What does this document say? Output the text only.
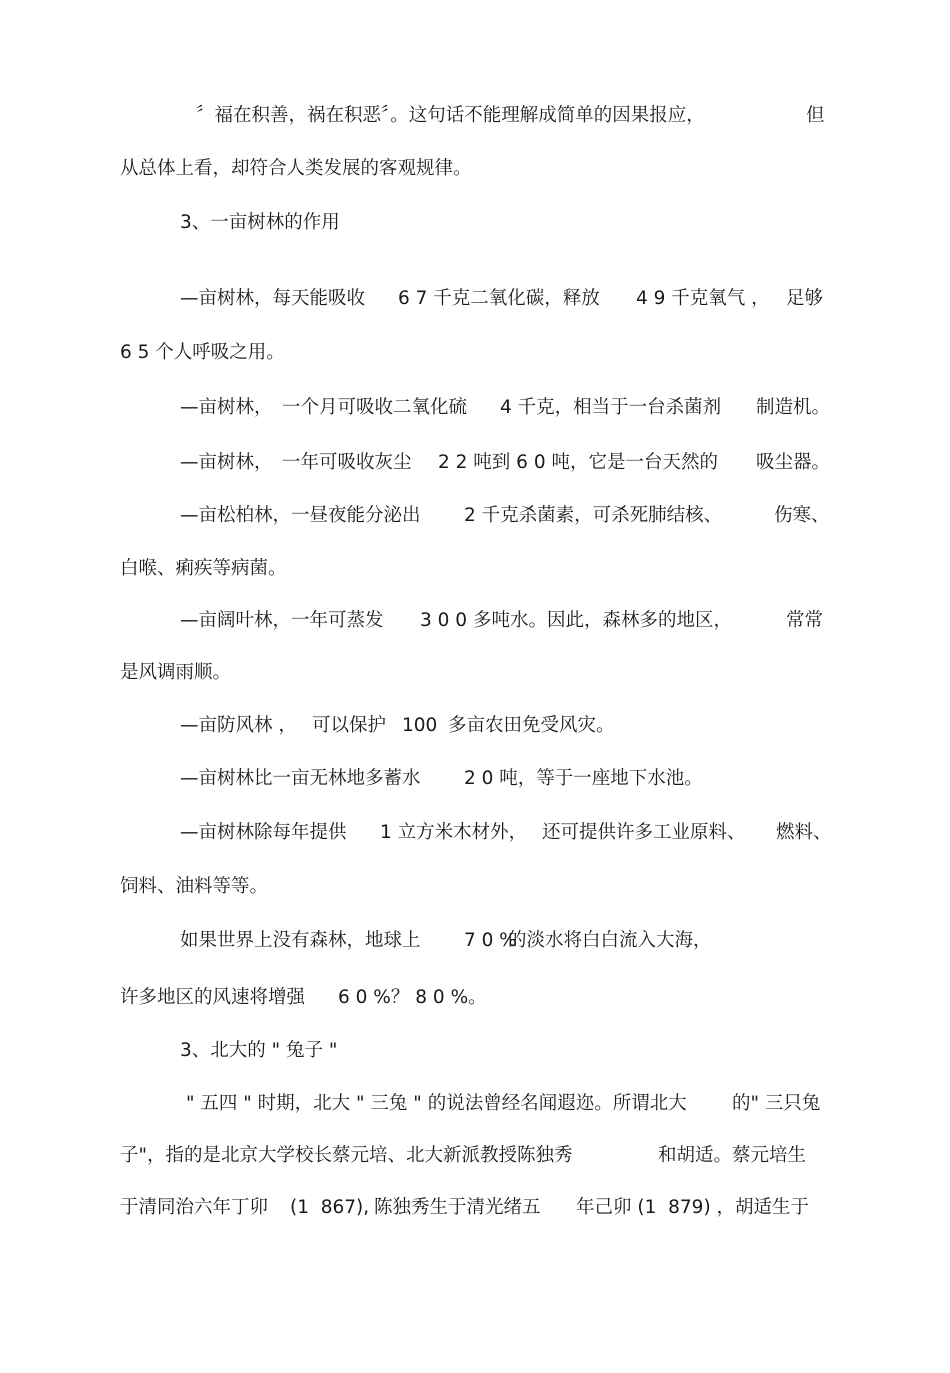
〞福在积善，祸在积恶〞。这句话不能理解成简单的因果报应，

	但

从总体上看，却符合人类发展的客观规律。

3、一亩树林的作用

—亩树林，每天能吸收

6 7 千克二氧化碳，释放

4 9 千克氧气 ，

足够

6 5 个人呼吸之用。

—亩树林，

一个月可吸收二氧化硫

4 千克，相当于一台杀菌剂

制造机。

—亩树林，

一年可吸收灰尘

2 2 吨到 6 0 吨，它是一台天然的

吸尘器。

—亩松柏林，一昼夜能分泌出

2 千克杀菌素，可杀死肺结核、

	伤寒、

白喉、痢疾等病菌。

—亩阔叶林，一年可蒸发

3 0 0 多吨水。因此，森林多的地区，

	常常

是风调雨顺。

—亩防风林 ，

可以保护

100

多亩农田免受风灾。

—亩树林比一亩无林地多蓄水

2 0 吨，等于一座地下水池。

—亩树林除每年提供

1 立方米木材外，

还可提供许多工业原料、

燃料、

饲料、油料等等。

如果世界上没有森林，地球上

7 0 %

的淡水将白白流入大海，

许多地区的风速将增强

6 0 %？ 8 0 %。

3、北大的 " 兔子 "

" 五四 " 时期，北大 " 三兔 " 的说法曾经名闻遐迩。所谓北大

的" 三只兔

子"，指的是北京大学校长蔡元培、北大新派教授陈独秀

	和胡适。蔡元培生

于清同治六年丁卯

(1  867),

陈独秀生于清光绪五

年己卯 (1  879) ，胡适生于
